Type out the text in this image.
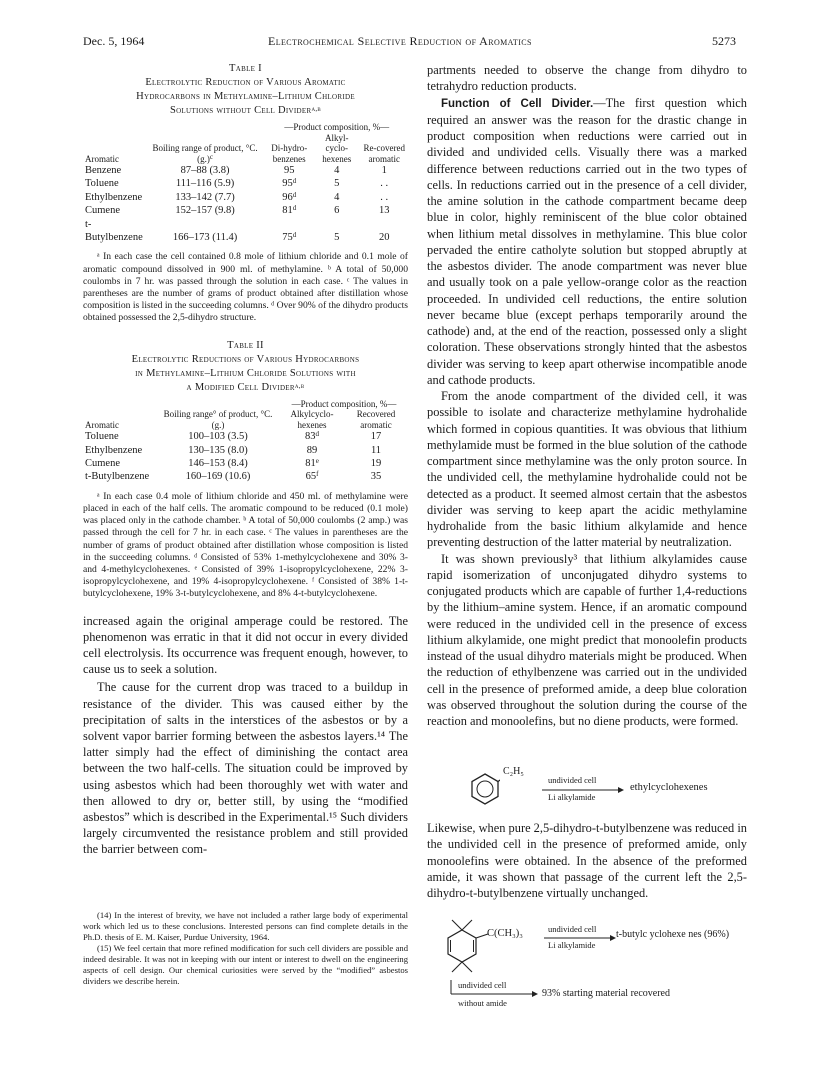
Dec. 5, 1964	Electrochemical Selective Reduction of Aromatics	5273
Table I
Electrolytic Reduction of Various Aromatic
Hydrocarbons in Methylamine–Lithium Chloride
Solutions without Cell Divider$^{a,b}$
		—Product composition, %—		
Aromatic	Boiling range of product, °C. $(g.)^c$	Di-hydro-benzenes	Alkyl-cyclo-hexenes	Re-covered aromatic
Benzene	87–88 (3.8)	95	4	1
Toluene	111–116 (5.9)	95$^d$	5	. .
Ethylbenzene	133–142 (7.7)	96$^d$	4	. .
Cumene	152–157 (9.8)	81$^d$	6	13
t-Butylbenzene	166–173 (11.4)	75$^d$	5	20
ᵃ In each case the cell contained 0.8 mole of lithium chloride and 0.1 mole of aromatic compound dissolved in 900 ml. of methylamine. ᵇ A total of 50,000 coulombs in 7 hr. was passed through the solution in each case. ᶜ The values in parentheses are the number of grams of product obtained after distillation whose composition is listed in the succeeding columns. ᵈ Over 90% of the dihydro products obtained possessed the 2,5-dihydro structure.
Table II
Electrolytic Reductions of Various Hydrocarbons
in Methylamine–Lithium Chloride Solutions with
a Modified Cell Divider$^{a,b}$
		—Product composition, %—	
Aromatic	Boiling range° of product, °C. (g.)	Alkylcyclo-hexenes	Recovered aromatic
Toluene	100–103 (3.5)	83$^d$	17
Ethylbenzene	130–135 (8.0)	89	11
Cumene	146–153 (8.4)	81e	19
t-Butylbenzene	160–169 (10.6)	65$^f$	35
ᵃ In each case 0.4 mole of lithium chloride and 450 ml. of methylamine were placed in each of the half cells. The aromatic compound to be reduced (0.1 mole) was placed only in the cathode chamber. ᵇ A total of 50,000 coulombs (2 amp.) was passed through the cell for 7 hr. in each case. ᶜ The values in parentheses are the number of grams of product obtained after distillation whose composition is listed in the succeeding columns. ᵈ Consisted of 53% 1-methylcyclohexene and 30% 3- and 4-methylcyclohexenes. ᵉ Consisted of 39% 1-isopropylcyclohexene, 22% 3-isopropylcyclohexene, and 19% 4-isopropylcyclohexene. ᶠ Consisted of 38% 1-t-butylcyclohexene, 19% 3-t-butylcyclohexene, and 8% 4-t-butylcyclohexene.

increased again the original amperage could be restored. The phenomenon was erratic in that it did not occur in every divided cell electrolysis. Its occurrence was frequent enough, however, to cause us to seek a solution.

The cause for the current drop was traced to a buildup in resistance of the divider. This was caused either by the precipitation of salts in the interstices of the asbestos or by a solvent vapor barrier forming between the asbestos layers.¹⁴ The latter simply had the effect of diminishing the contact area between the two half-cells. The situation could be improved by using asbestos which had been thoroughly wet with water and then allowed to dry or, better still, by using the “modified asbestos” which is described in the Experimental.¹⁵ Such dividers largely circumvented the resistance problem and still provided the barrier between com-

(14) In the interest of brevity, we have not included a rather large body of experimental work which led us to these conclusions. Interested persons can find complete details in the Ph.D. thesis of E. M. Kaiser, Purdue University, 1964.

(15) We feel certain that more refined modification for such cell dividers are possible and indeed desirable. It was not in keeping with our intent or interest to dwell on the engineering aspects of cell design. Our chemical curiosities were served by the “modified” asbestos dividers we describe herein.

partments needed to observe the change from dihydro to tetrahydro reduction products.

Function of Cell Divider.—The first question which required an answer was the reason for the drastic change in product composition when reductions were carried out in divided and undivided cells. Visually there was a marked difference between reductions carried out in the two types of cells. In reductions carried out in the presence of a cell divider, the amine solution in the cathode compartment became deep blue in color, highly reminiscent of the blue color obtained when lithium metal dissolves in methylamine. This blue color pervaded the entire catholyte solution but stopped abruptly at the asbestos divider. The anode compartment was never blue and usually took on a pale yellow-orange color as the reaction proceeded. In undivided cell reductions, the entire solution never became blue (except perhaps temporarily around the cathode) and, at the end of the reaction, possessed only a slight coloration. These observations strongly hinted that the asbestos divider was serving to keep apart otherwise incompatible anode and cathode products.

From the anode compartment of the divided cell, it was possible to isolate and characterize methylamine hydrohalide which formed in copious quantities. It was obvious that lithium methylamide must be formed in the blue solution of the cathode compartment since methylamine was the only proton source. In the undivided cell, the methylamine hydrohalide could not be detected as a product. It seemed almost certain that the asbestos divider was serving to keep apart the acidic methylamine hydrohalide from the basic lithium alkylamide and hence preventing destruction of the latter material by neutralization.

It was shown previously³ that lithium alkylamides cause rapid isomerization of unconjugated dihydro systems to conjugated products which are capable of further 1,4-reductions by the lithium–amine system. Hence, if an aromatic compound were reduced in the undivided cell in the presence of excess lithium alkylamide, one might predict that monoolefin products instead of the usual dihydro materials might be produced. When the reduction of ethylbenzene was carried out in the undivided cell in the presence of preformed amide, a deep blue coloration was observed throughout the solution during the course of the reaction and monoolefins, but no diene products, were formed.

C₂H₅
undivided cell
Li alkylamide
ethylcyclohexenes

Likewise, when pure 2,5-dihydro-t-butylbenzene was reduced in the undivided cell in the presence of preformed amide, only monoolefins were obtained. In the absence of the preformed amide, it was shown that passage of the current left the 2,5-dihydro-t-butylbenzene virtually unchanged.

C(CH₃)₃	undivided cell
Li alkylamide
t-butylc yclohexe nes (96%)
undivided cell
without amide
93% starting material recovered
